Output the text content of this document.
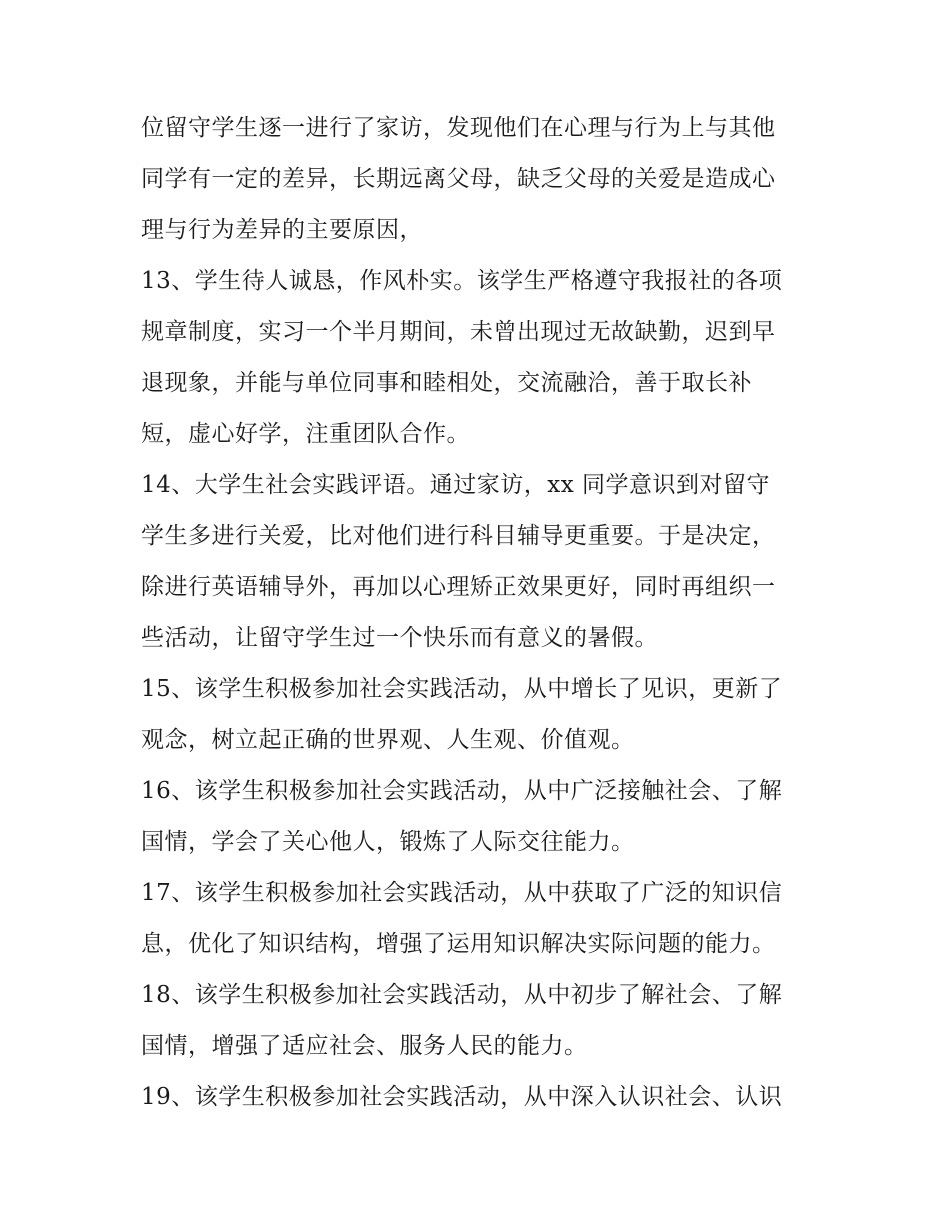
位留守学生逐一进行了家访，发现他们在心理与行为上与其他
同学有一定的差异，长期远离父母，缺乏父母的关爱是造成心
理与行为差异的主要原因，
13、学生待人诚恳，作风朴实。该学生严格遵守我报社的各项
规章制度，实习一个半月期间，未曾出现过无故缺勤，迟到早
退现象，并能与单位同事和睦相处，交流融洽，善于取长补
短，虚心好学，注重团队合作。
14、大学生社会实践评语。通过家访，xx 同学意识到对留守
学生多进行关爱，比对他们进行科目辅导更重要。于是决定，
除进行英语辅导外，再加以心理矫正效果更好，同时再组织一
些活动，让留守学生过一个快乐而有意义的暑假。
15、该学生积极参加社会实践活动，从中增长了见识，更新了
观念，树立起正确的世界观、人生观、价值观。
16、该学生积极参加社会实践活动，从中广泛接触社会、了解
国情，学会了关心他人，锻炼了人际交往能力。
17、该学生积极参加社会实践活动，从中获取了广泛的知识信
息，优化了知识结构，增强了运用知识解决实际问题的能力。
18、该学生积极参加社会实践活动，从中初步了解社会、了解
国情，增强了适应社会、服务人民的能力。
19、该学生积极参加社会实践活动，从中深入认识社会、认识
